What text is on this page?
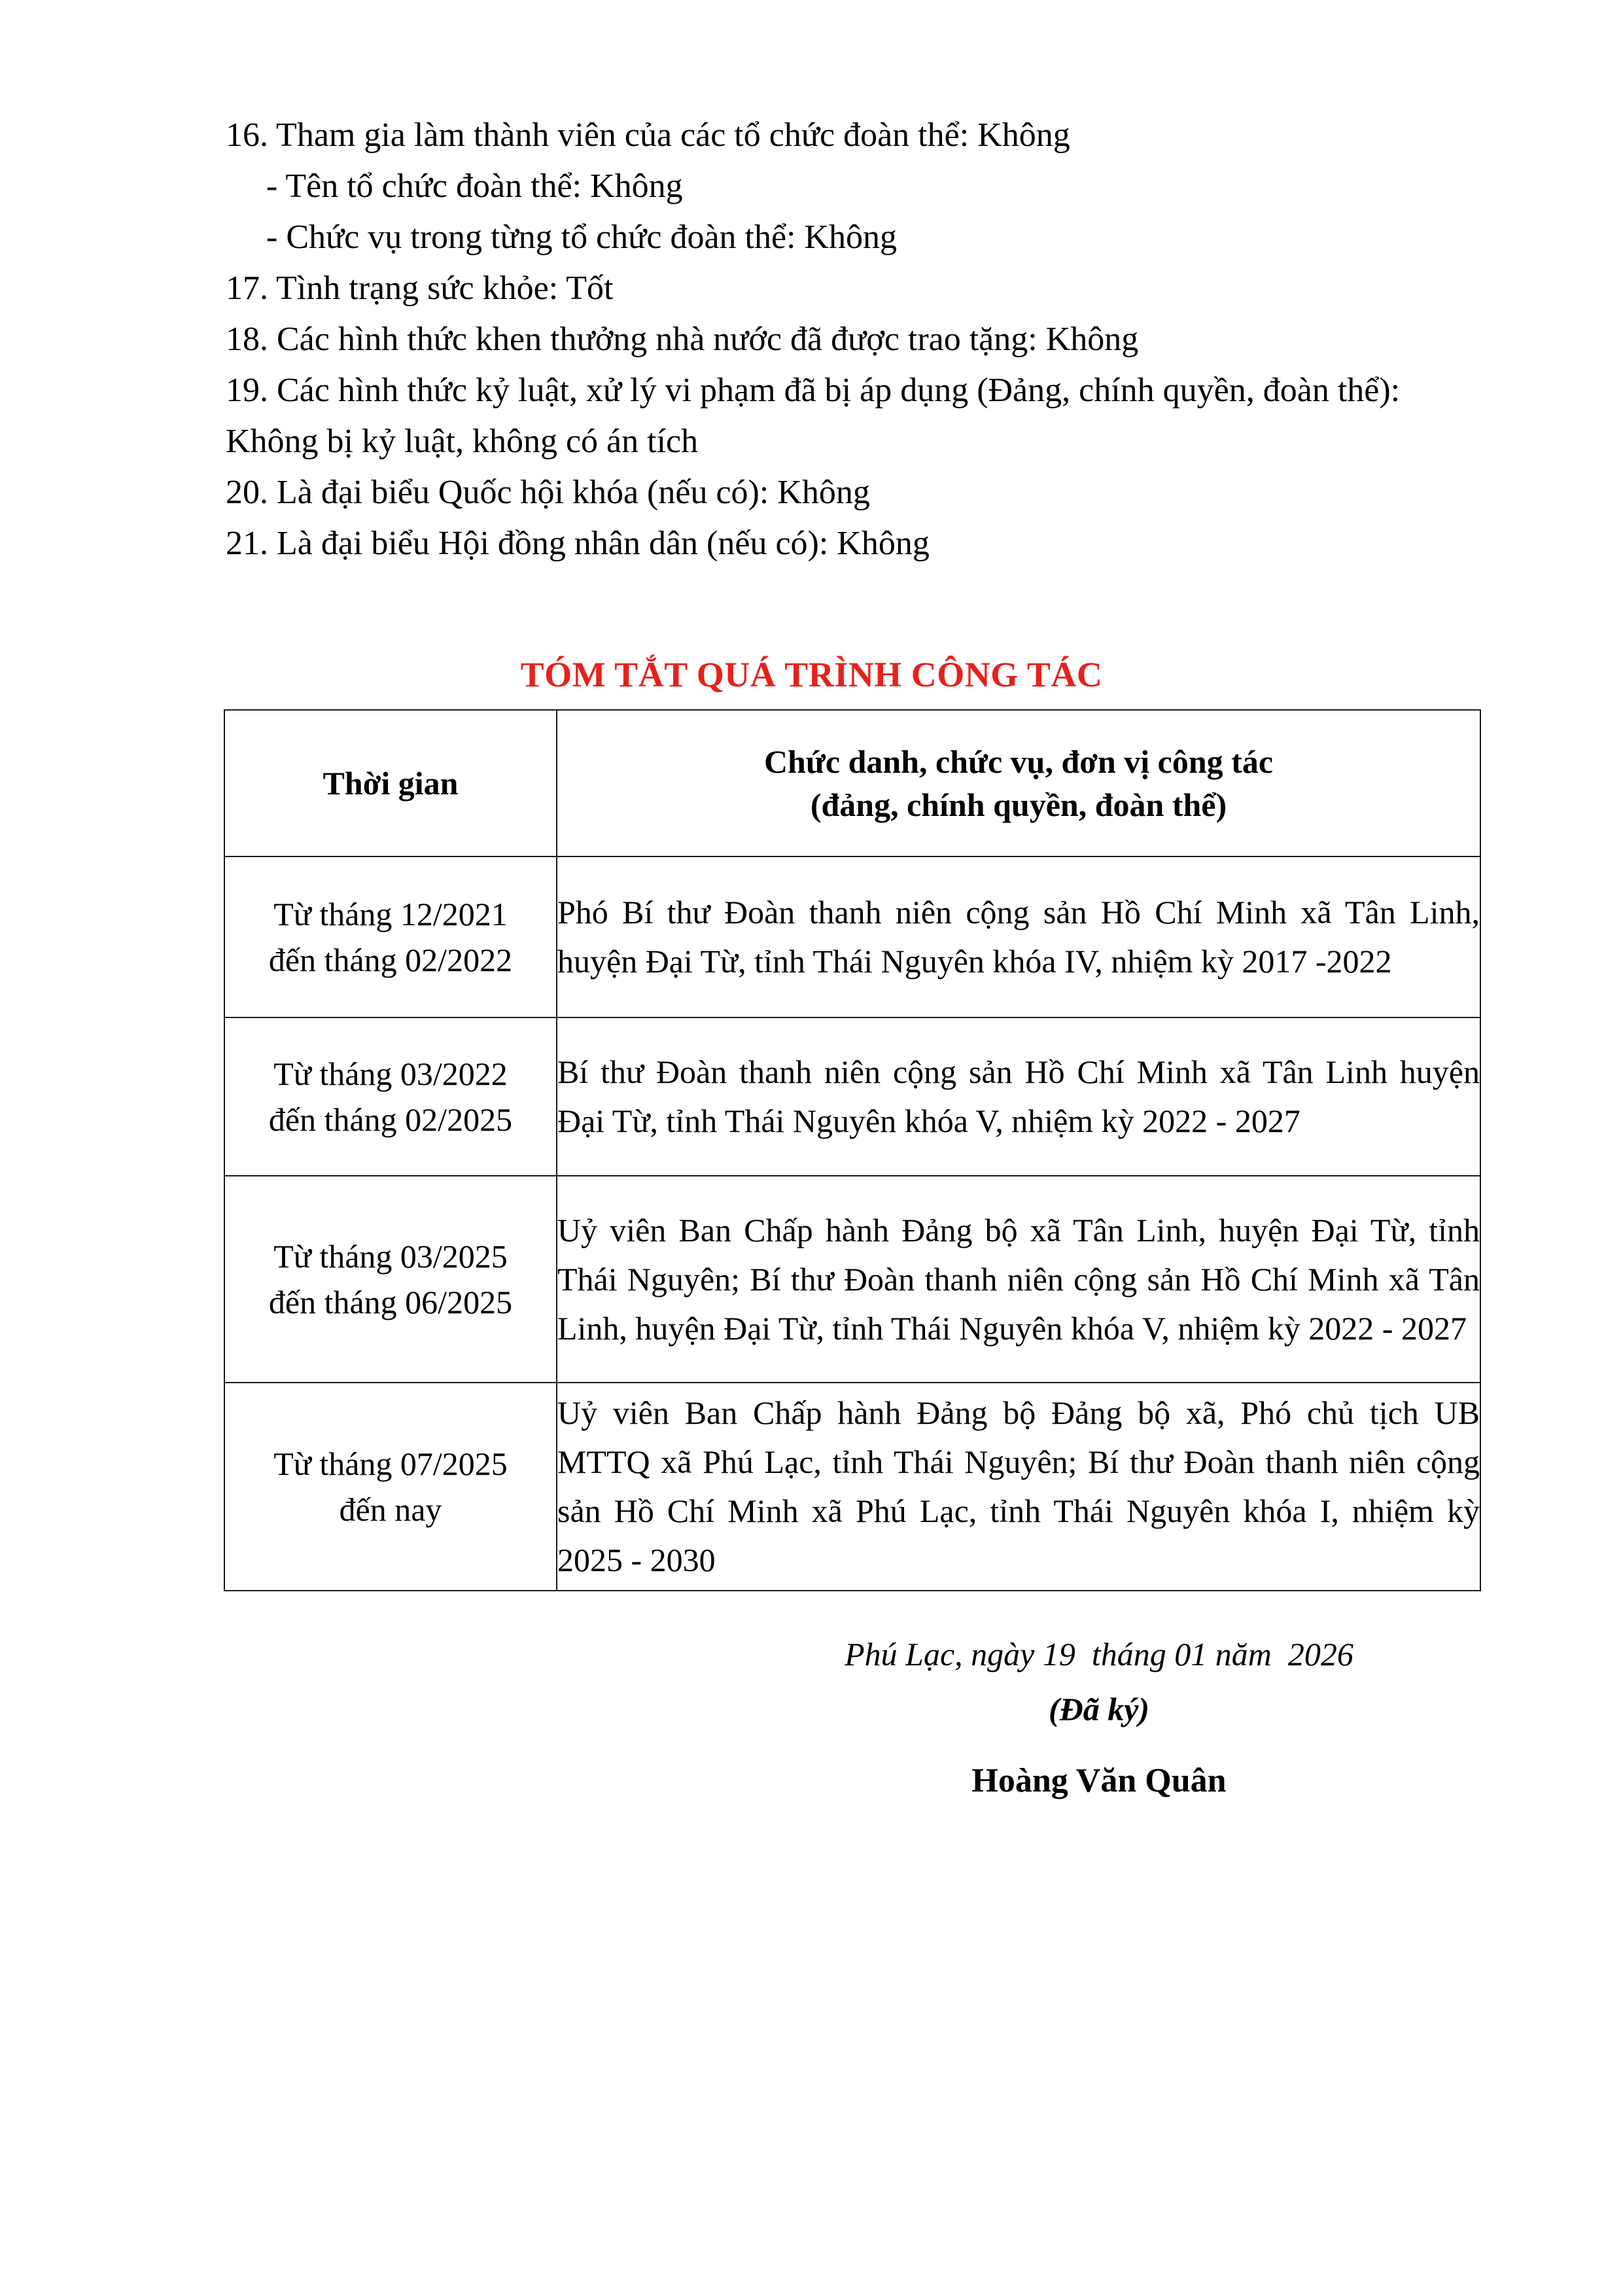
16. Tham gia làm thành viên của các tổ chức đoàn thể: Không
- Tên tổ chức đoàn thể: Không
- Chức vụ trong từng tổ chức đoàn thể: Không
17. Tình trạng sức khỏe: Tốt
18. Các hình thức khen thưởng nhà nước đã được trao tặng: Không
19. Các hình thức kỷ luật, xử lý vi phạm đã bị áp dụng (Đảng, chính quyền, đoàn thể): Không bị kỷ luật, không có án tích
20. Là đại biểu Quốc hội khóa (nếu có): Không
21. Là đại biểu Hội đồng nhân dân (nếu có): Không
TÓM TẮT QUÁ TRÌNH CÔNG TÁC
Thời gian	Chức danh, chức vụ, đơn vị công tác
(đảng, chính quyền, đoàn thể)

Từ tháng 12/2021
đến tháng 02/2022	Phó Bí thư Đoàn thanh niên cộng sản Hồ Chí Minh xã Tân Linh, huyện Đại Từ, tỉnh Thái Nguyên khóa IV, nhiệm kỳ 2017 -2022

Từ tháng 03/2022
đến tháng 02/2025	Bí thư Đoàn thanh niên cộng sản Hồ Chí Minh xã Tân Linh huyện Đại Từ, tỉnh Thái Nguyên khóa V, nhiệm kỳ 2022 - 2027

Từ tháng 03/2025
đến tháng 06/2025	Uỷ viên Ban Chấp hành Đảng bộ xã Tân Linh, huyện Đại Từ, tỉnh Thái Nguyên; Bí thư Đoàn thanh niên cộng sản Hồ Chí Minh xã Tân Linh, huyện Đại Từ, tỉnh Thái Nguyên khóa V, nhiệm kỳ 2022 - 2027

Từ tháng 07/2025
đến nay	Uỷ viên Ban Chấp hành Đảng bộ Đảng bộ xã, Phó chủ tịch UB MTTQ xã Phú Lạc, tỉnh Thái Nguyên; Bí thư Đoàn thanh niên cộng sản Hồ Chí Minh xã Phú Lạc, tỉnh Thái Nguyên khóa I, nhiệm kỳ 2025 - 2030
Phú Lạc, ngày 19  tháng 01 năm  2026
(Đã ký)
Hoàng Văn Quân
